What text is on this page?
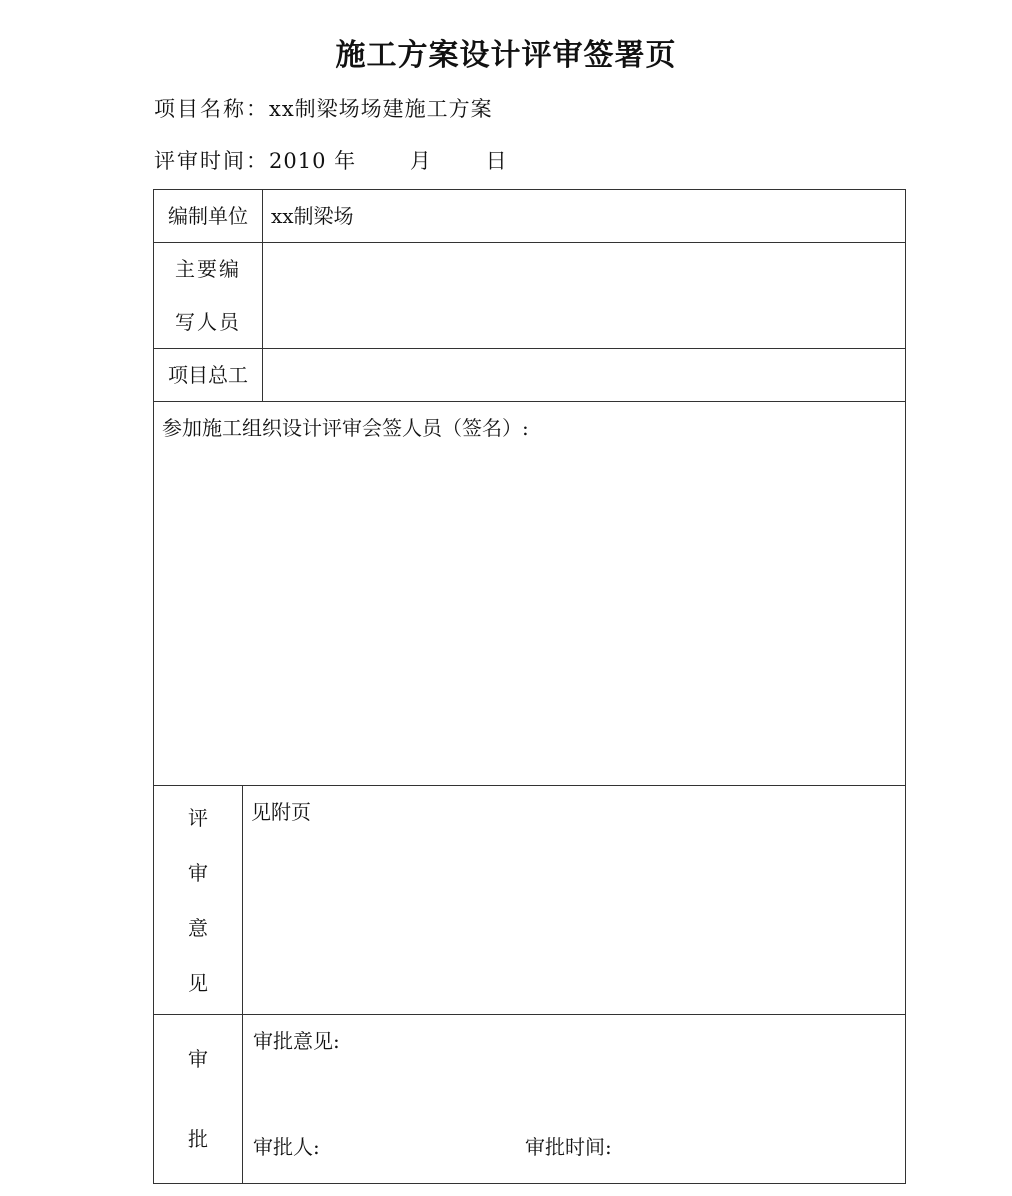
施工方案设计评审签署页
项目名称：xx制梁场场建施工方案
评审时间：2010 年       月       日
编制单位		xx制梁场

主要编
写人员		

项目总工		

参加施工组织设计评审会签人员（签名）:		

评
审
意
见	见附页	

审
批	审批意见:
审批人: 审批时间:	
